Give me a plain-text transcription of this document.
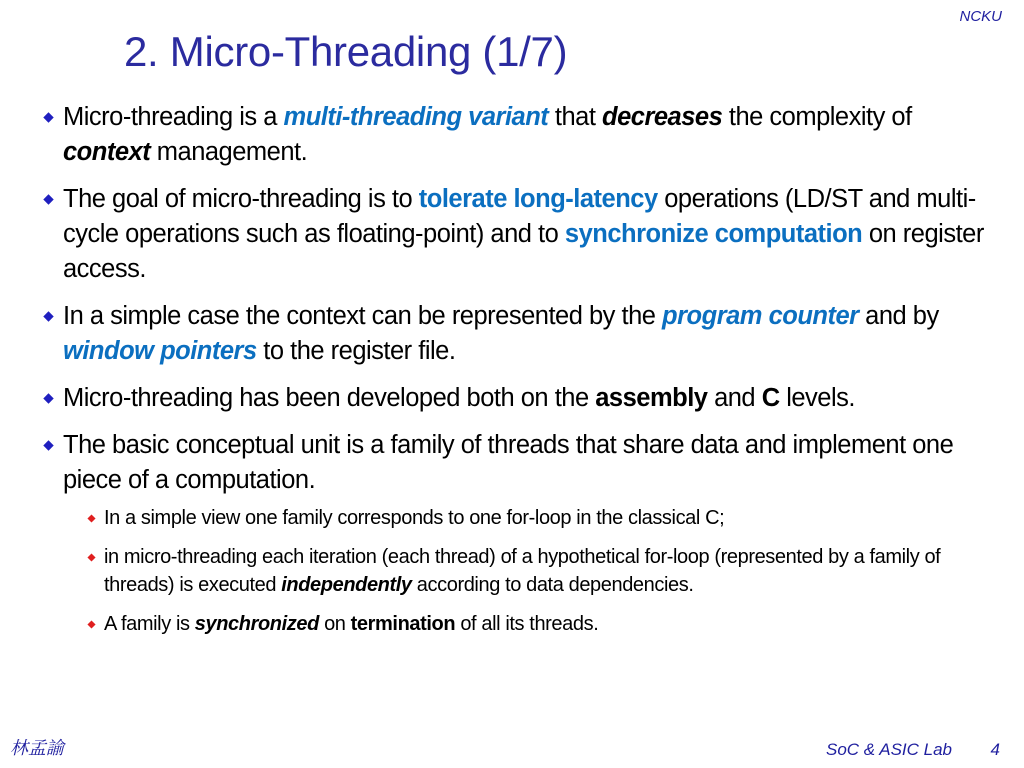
NCKU
2. Micro-Threading (1/7)
Micro-threading is a multi-threading variant that decreases the complexity of context management.
The goal of micro-threading is to tolerate long-latency operations (LD/ST and multi-cycle operations such as floating-point) and to synchronize computation on register access.
In a simple case the context can be represented by the program counter and by window pointers to the register file.
Micro-threading has been developed both on the assembly and C levels.
The basic conceptual unit is a family of threads that share data and implement one piece of a computation.
In a simple view one family corresponds to one for-loop in the classical C;
in micro-threading each iteration (each thread) of a hypothetical for-loop (represented by a family of threads) is executed independently according to data dependencies.
A family is synchronized on termination of all its threads.
林孟諭	SoC & ASIC Lab 4
